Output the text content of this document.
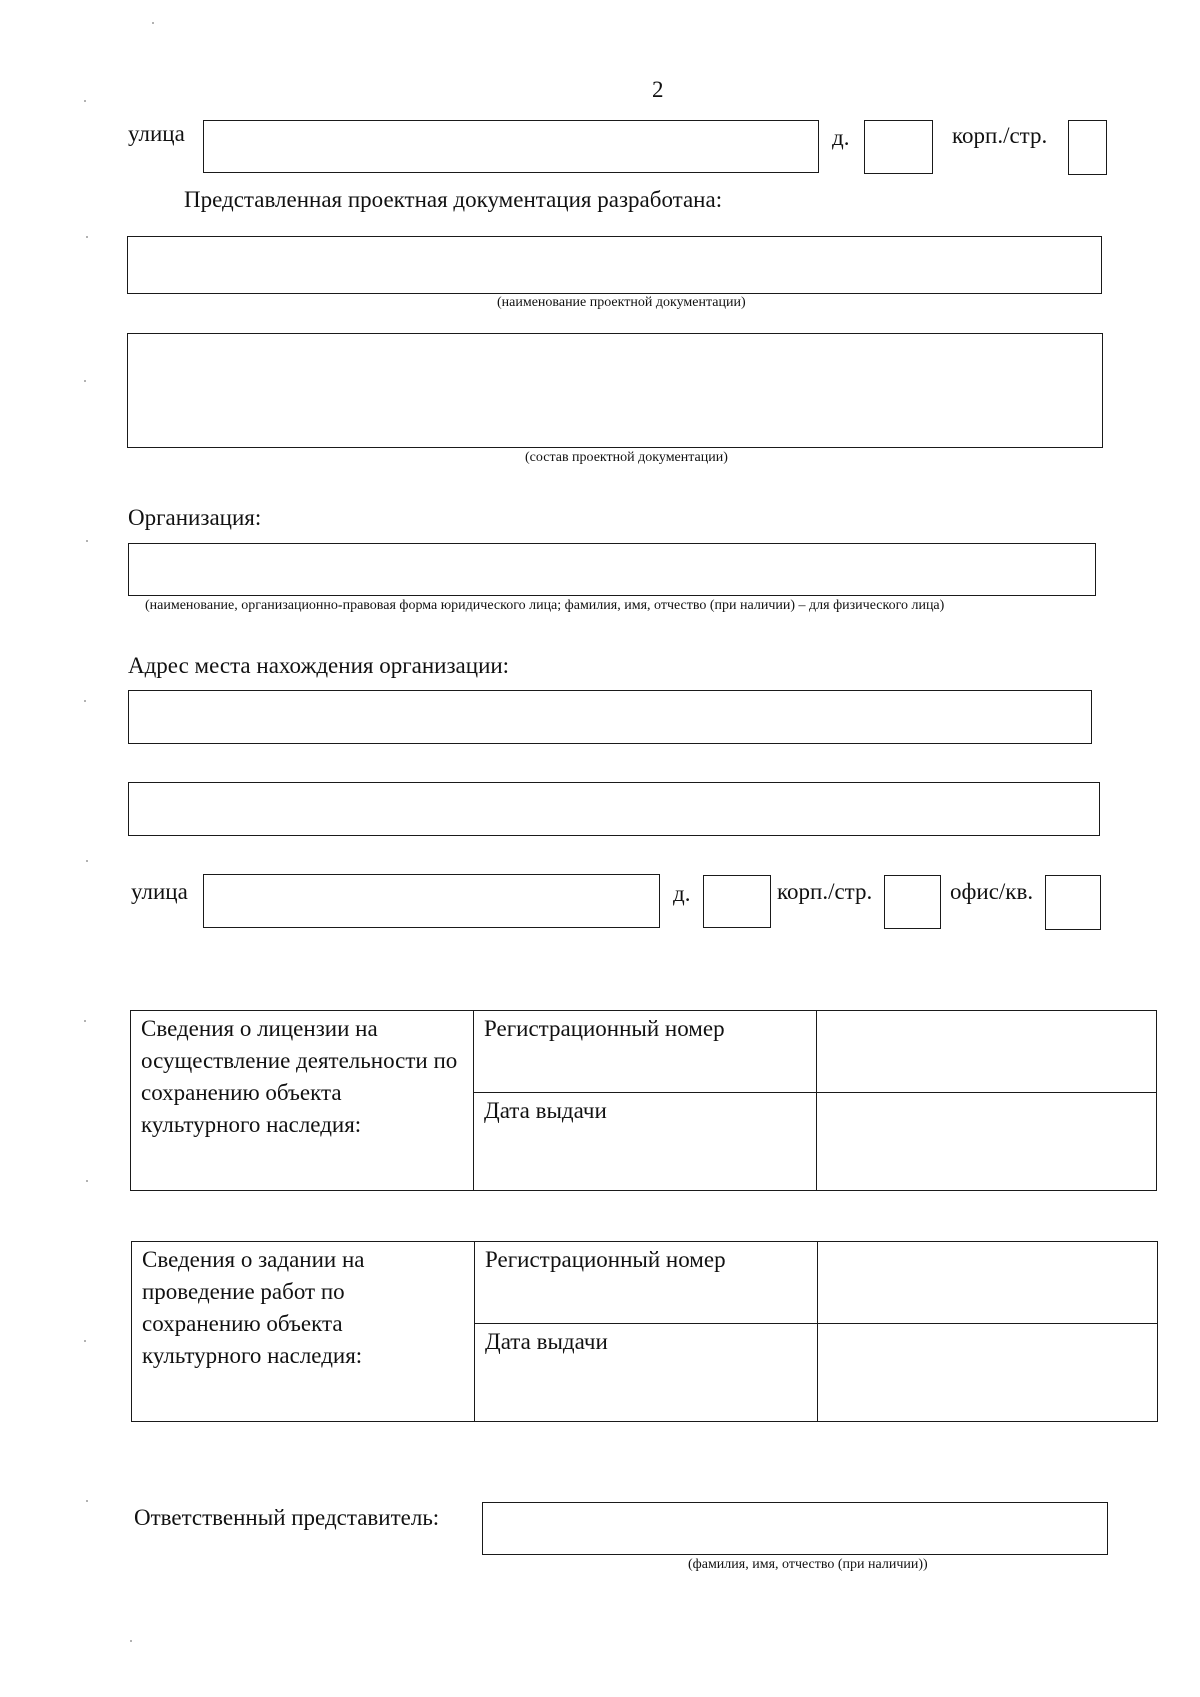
2
улица	д.	корп./стр.
Представленная проектная документация разработана:
(наименование проектной документации)
(состав проектной документации)
Организация:
(наименование, организационно-правовая форма юридического лица; фамилия, имя, отчество (при наличии) – для физического лица)
Адрес места нахождения организации:
улица	д.	корп./стр.	офис/кв.
Сведения о лицензии на осуществление деятельности по сохранению объекта культурного наследия:	Регистрационный номер	
	Дата выдачи	
Сведения о задании на проведение работ по сохранению объекта культурного наследия:	Регистрационный номер	
	Дата выдачи	
Ответственный представитель:
(фамилия, имя, отчество (при наличии))
